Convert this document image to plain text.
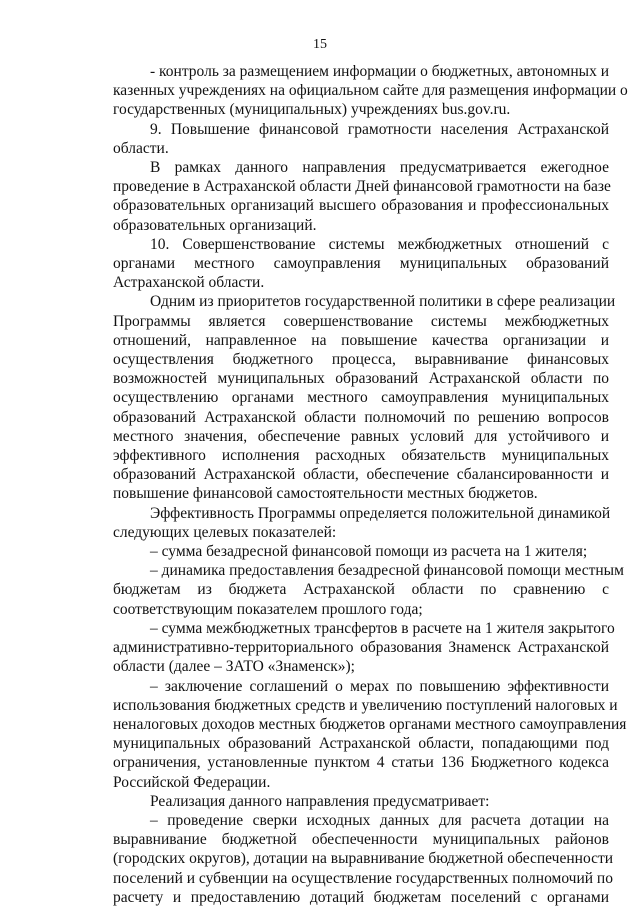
15
- контроль за размещением информации о бюджетных, автономных и
казенных учреждениях на официальном сайте для размещения информации о
государственных (муниципальных) учреждениях bus.gov.ru.
9. Повышение финансовой грамотности населения Астраханской
области.
В рамках данного направления предусматривается ежегодное
проведение в Астраханской области Дней финансовой грамотности на базе
образовательных организаций высшего образования и профессиональных
образовательных организаций.
10. Совершенствование системы межбюджетных отношений с
органами местного самоуправления муниципальных образований
Астраханской области.
Одним из приоритетов государственной политики в сфере реализации
Программы является совершенствование системы межбюджетных
отношений, направленное на повышение качества организации и
осуществления бюджетного процесса, выравнивание финансовых
возможностей муниципальных образований Астраханской области по
осуществлению органами местного самоуправления муниципальных
образований Астраханской области полномочий по решению вопросов
местного значения, обеспечение равных условий для устойчивого и
эффективного исполнения расходных обязательств муниципальных
образований Астраханской области, обеспечение сбалансированности и
повышение финансовой самостоятельности местных бюджетов.
Эффективность Программы определяется положительной динамикой
следующих целевых показателей:
– сумма безадресной финансовой помощи из расчета на 1 жителя;
– динамика предоставления безадресной финансовой помощи местным
бюджетам из бюджета Астраханской области по сравнению с
соответствующим показателем прошлого года;
– сумма межбюджетных трансфертов в расчете на 1 жителя закрытого
административно-территориального образования Знаменск Астраханской
области (далее – ЗАТО «Знаменск»);
– заключение соглашений о мерах по повышению эффективности
использования бюджетных средств и увеличению поступлений налоговых и
неналоговых доходов местных бюджетов органами местного самоуправления
муниципальных образований Астраханской области, попадающими под
ограничения, установленные пунктом 4 статьи 136 Бюджетного кодекса
Российской Федерации.
Реализация данного направления предусматривает:
– проведение сверки исходных данных для расчета дотации на
выравнивание бюджетной обеспеченности муниципальных районов
(городских округов), дотации на выравнивание бюджетной обеспеченности
поселений и субвенции на осуществление государственных полномочий по
расчету и предоставлению дотаций бюджетам поселений с органами
